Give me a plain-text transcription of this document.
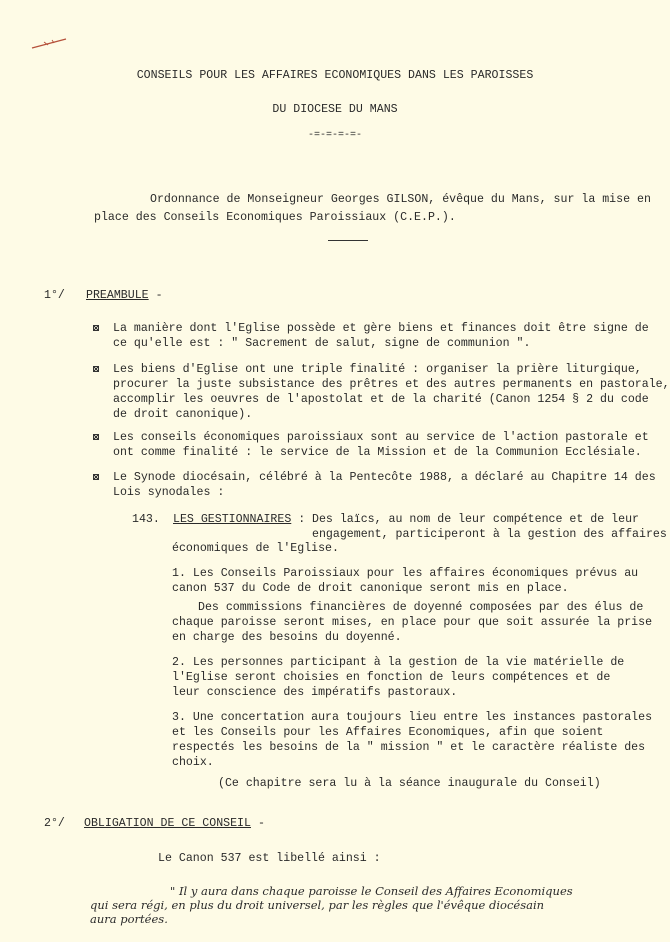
CONSEILS POUR LES AFFAIRES ECONOMIQUES DANS LES PAROISSES
DU DIOCESE DU MANS
-=-=-=-=-
Ordonnance de Monseigneur Georges GILSON, évêque du Mans, sur la mise en
place des Conseils Economiques Paroissiaux (C.E.P.).
1°/ PREAMBULE -
La manière dont l'Eglise possède et gère biens et finances doit être signe de
ce qu'elle est : " Sacrement de salut, signe de communion ".
Les biens d'Eglise ont une triple finalité : organiser la prière liturgique,
procurer la juste subsistance des prêtres et des autres permanents en pastorale,
accomplir les oeuvres de l'apostolat et de la charité (Canon 1254 § 2 du code
de droit canonique).
Les conseils économiques paroissiaux sont au service de l'action pastorale et
ont comme finalité : le service de la Mission et de la Communion Ecclésiale.
Le Synode diocésain, célébré à la Pentecôte 1988, a déclaré au Chapitre 14 des
Lois synodales :
143. LES GESTIONNAIRES : Des laïcs, au nom de leur compétence et de leur
engagement, participeront à la gestion des affaires
économiques de l'Eglise.
1. Les Conseils Paroissiaux pour les affaires économiques prévus au
canon 537 du Code de droit canonique seront mis en place.
Des commissions financières de doyenné composées par des élus de
chaque paroisse seront mises, en place pour que soit assurée la prise
en charge des besoins du doyenné.
2. Les personnes participant à la gestion de la vie matérielle de
l'Eglise seront choisies en fonction de leurs compétences et de
leur conscience des impératifs pastoraux.
3. Une concertation aura toujours lieu entre les instances pastorales
et les Conseils pour les Affaires Economiques, afin que soient
respectés les besoins de la " mission " et le caractère réaliste des
choix.
(Ce chapitre sera lu à la séance inaugurale du Conseil)
2°/ OBLIGATION DE CE CONSEIL -
Le Canon 537 est libellé ainsi :
" Il y aura dans chaque paroisse le Conseil des Affaires Economiques
qui sera régi, en plus du droit universel, par les règles que l'évêque diocésain
aura portées.
